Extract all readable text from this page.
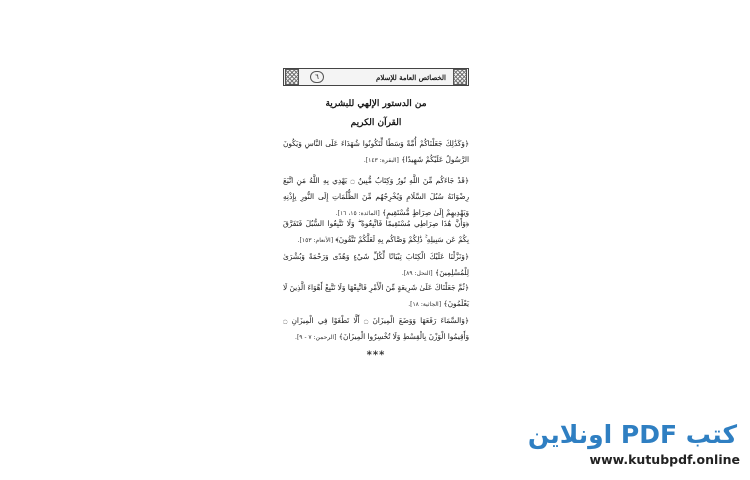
٦	الخصائص العامة للإسلام
من الدستور الإلهي للبشرية
القرآن الكريم
﴿وَكَذَٰلِكَ جَعَلْنَاكُمْ أُمَّةً وَسَطًا لِّتَكُونُوا شُهَدَاءَ عَلَى النَّاسِ وَيَكُونَ الرَّسُولُ عَلَيْكُمْ شَهِيدًا﴾ [البقرة: ١٤٣].
﴿قَدْ جَاءَكُم مِّنَ اللَّهِ نُورٌ وَكِتَابٌ مُّبِينٌ ۝ يَهْدِي بِهِ اللَّهُ مَنِ اتَّبَعَ رِضْوَانَهُ سُبُلَ السَّلَامِ وَيُخْرِجُهُم مِّنَ الظُّلُمَاتِ إِلَى النُّورِ بِإِذْنِهِ وَيَهْدِيهِمْ إِلَىٰ صِرَاطٍ مُّسْتَقِيمٍ﴾ [المائدة: ١٥، ١٦].
﴿وَأَنَّ هَٰذَا صِرَاطِي مُسْتَقِيمًا فَاتَّبِعُوهُ ۖ وَلَا تَتَّبِعُوا السُّبُلَ فَتَفَرَّقَ بِكُمْ عَن سَبِيلِهِ ۚ ذَٰلِكُمْ وَصَّاكُم بِهِ لَعَلَّكُمْ تَتَّقُونَ﴾ [الأنعام: ١٥٣].
﴿وَنَزَّلْنَا عَلَيْكَ الْكِتَابَ تِبْيَانًا لِّكُلِّ شَيْءٍ وَهُدًى وَرَحْمَةً وَبُشْرَىٰ لِلْمُسْلِمِينَ﴾ [النحل: ٨٩].
﴿ثُمَّ جَعَلْنَاكَ عَلَىٰ شَرِيعَةٍ مِّنَ الْأَمْرِ فَاتَّبِعْهَا وَلَا تَتَّبِعْ أَهْوَاءَ الَّذِينَ لَا يَعْلَمُونَ﴾ [الجاثية: ١٨].
﴿وَالسَّمَاءَ رَفَعَهَا وَوَضَعَ الْمِيزَانَ ۝ أَلَّا تَطْغَوْا فِي الْمِيزَانِ ۝ وَأَقِيمُوا الْوَزْنَ بِالْقِسْطِ وَلَا تُخْسِرُوا الْمِيزَانَ﴾ [الرحمن: ٧ - ٩].
***
كتب PDF اونلاين
www.kutubpdf.online
